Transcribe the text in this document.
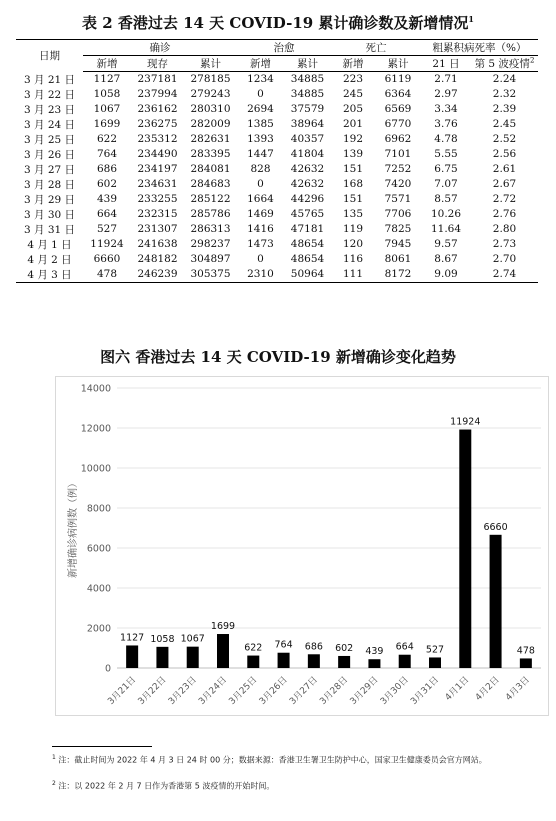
表 2 香港过去 14 天 COVID-19 累计确诊数及新增情况$^1$
日期	确诊			治愈		死亡		粗累积病死率（%）	
	新增	现存	累计	新增	累计	新增	累计	21 日	第 5 波疫情$^2$
3 月 21 日	1127	237181	278185	1234	34885	223	6119	2.71	2.24
3 月 22 日	1058	237994	279243	0	34885	245	6364	2.97	2.32
3 月 23 日	1067	236162	280310	2694	37579	205	6569	3.34	2.39
3 月 24 日	1699	236275	282009	1385	38964	201	6770	3.76	2.45
3 月 25 日	622	235312	282631	1393	40357	192	6962	4.78	2.52
3 月 26 日	764	234490	283395	1447	41804	139	7101	5.55	2.56
3 月 27 日	686	234197	284081	828	42632	151	7252	6.75	2.61
3 月 28 日	602	234631	284683	0	42632	168	7420	7.07	2.67
3 月 29 日	439	233255	285122	1664	44296	151	7571	8.57	2.72
3 月 30 日	664	232315	285786	1469	45765	135	7706	10.26	2.76
3 月 31 日	527	231307	286313	1416	47181	119	7825	11.64	2.80
4 月 1 日	11924	241638	298237	1473	48654	120	7945	9.57	2.73
4 月 2 日	6660	248182	304897	0	48654	116	8061	8.67	2.70
4 月 3 日	478	246239	305375	2310	50964	111	8172	9.09	2.74
图六 香港过去 14 天 COVID-19 新增确诊变化趋势
0
2000
4000
6000
8000
10000
12000
14000
新增确诊病例数（例）
1127
3月21日
1058
3月22日
1067
3月23日
1699
3月24日
622
3月25日
764
3月26日
686
3月27日
602
3月28日
439
3月29日
664
3月30日
527
3月31日
11924
4月1日
6660
4月2日
478
4月3日
$^1$ 注：截止时间为 2022 年 4 月 3 日 24 时 00 分；数据来源：香港卫生署卫生防护中心，国家卫生健康委员会官方网站。
$^2$ 注：以 2022 年 2 月 7 日作为香港第 5 波疫情的开始时间。
